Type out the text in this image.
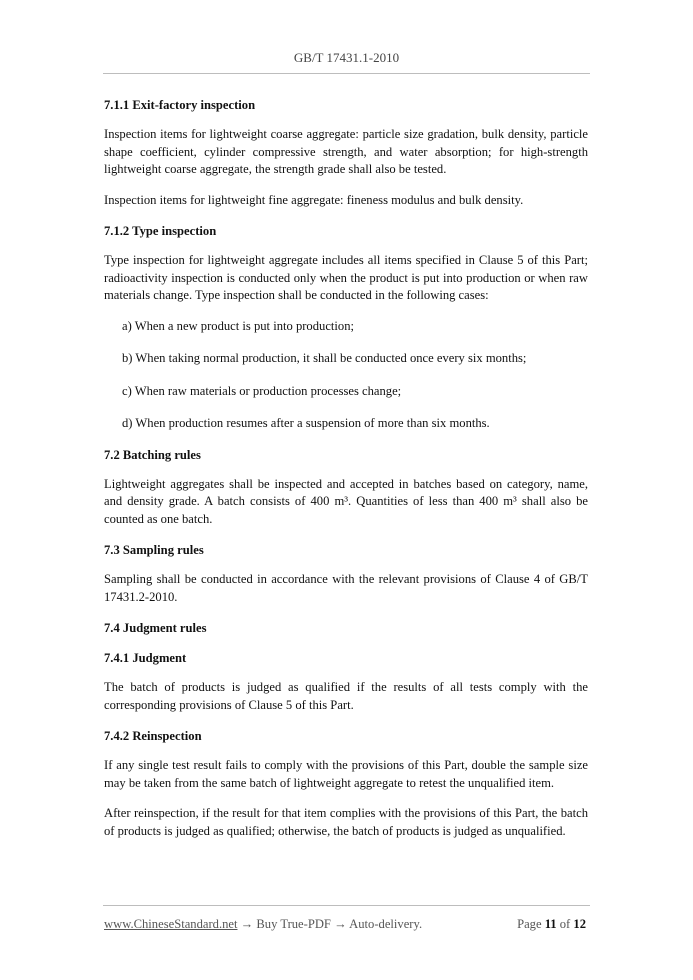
GB/T 17431.1-2010
7.1.1 Exit-factory inspection
Inspection items for lightweight coarse aggregate: particle size gradation, bulk density, particle shape coefficient, cylinder compressive strength, and water absorption; for high-strength lightweight coarse aggregate, the strength grade shall also be tested.
Inspection items for lightweight fine aggregate: fineness modulus and bulk density.
7.1.2 Type inspection
Type inspection for lightweight aggregate includes all items specified in Clause 5 of this Part; radioactivity inspection is conducted only when the product is put into production or when raw materials change. Type inspection shall be conducted in the following cases:
a) When a new product is put into production;
b) When taking normal production, it shall be conducted once every six months;
c) When raw materials or production processes change;
d) When production resumes after a suspension of more than six months.
7.2 Batching rules
Lightweight aggregates shall be inspected and accepted in batches based on category, name, and density grade. A batch consists of 400 m³. Quantities of less than 400 m³ shall also be counted as one batch.
7.3 Sampling rules
Sampling shall be conducted in accordance with the relevant provisions of Clause 4 of GB/T 17431.2-2010.
7.4 Judgment rules
7.4.1 Judgment
The batch of products is judged as qualified if the results of all tests comply with the corresponding provisions of Clause 5 of this Part.
7.4.2 Reinspection
If any single test result fails to comply with the provisions of this Part, double the sample size may be taken from the same batch of lightweight aggregate to retest the unqualified item.
After reinspection, if the result for that item complies with the provisions of this Part, the batch of products is judged as qualified; otherwise, the batch of products is judged as unqualified.
www.ChineseStandard.net → Buy True-PDF → Auto-delivery.	Page 11 of 12
